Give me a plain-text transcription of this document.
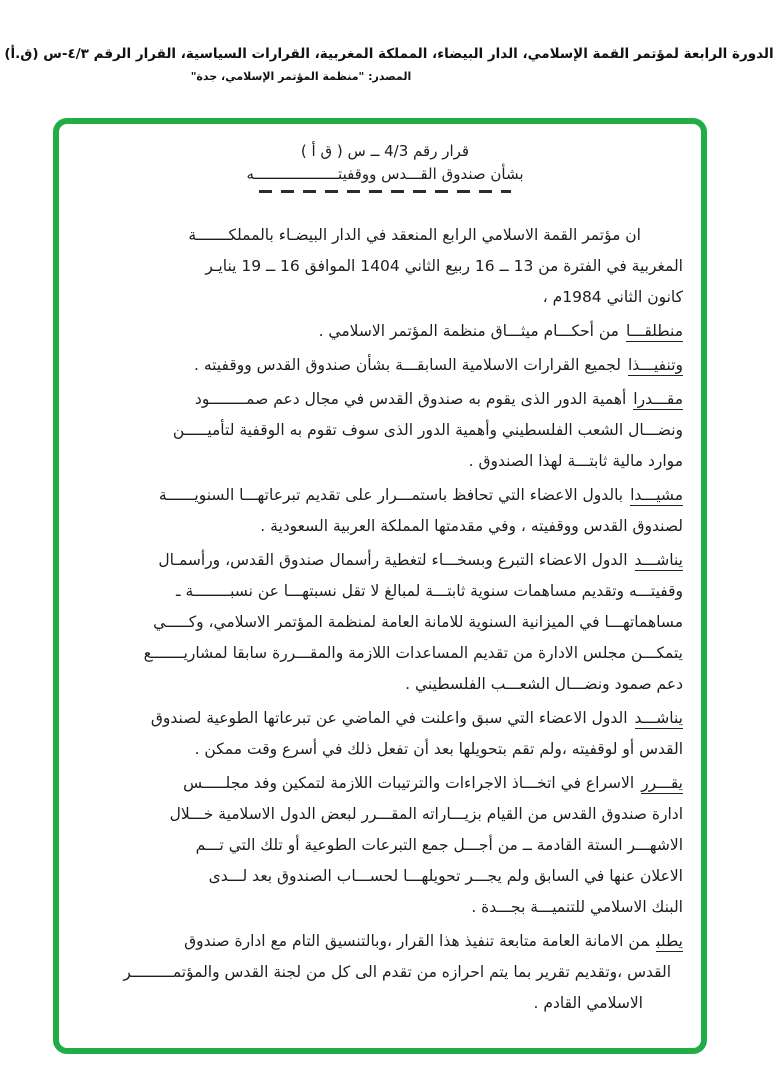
الدورة الرابعة لمؤتمر القمة الإسلامي، الدار البيضاء، المملكة المغربية، القرارات السياسية، القرار الرقم ٤/٣-س (ق.أ)
المصدر: "منظمة المؤتمر الإسلامي، جدة"
قرار رقم 4/3 ــ س ( ق أ )
بشأن صندوق القـــدس ووقفيتـــــــــــــــــــه
ان مؤتمر القمة الاسلامي الرابع المنعقد في الدار البيضـاء بالمملكـــــــة
المغربية في الفترة من 13 ــ 16 ربيع الثاني 1404 الموافق 16 ــ 19 ينايـر
كانون الثاني 1984م ،
منطلقـــامن أحكـــام ميثـــاق منظمة المؤتمر الاسلامي .
وتنفيـــذالجميع القرارات الاسلامية السابقـــة بشأن صندوق القدس ووقفيته .
مقـــدراأهمية الدور الذى يقوم به صندوق القدس في مجال دعم صمــــــــود
ونضـــال الشعب الفلسطيني وأهمية الدور الذى سوف تقوم به الوقفية لتأميـــــن
موارد مالية ثابتـــة لهذا الصندوق .
مشيـــدابالدول الاعضاء التي تحافظ باستمـــرار على تقديم تبرعاتهـــا السنويــــــة
لصندوق القدس ووقفيته ، وفي مقدمتها المملكة العربية السعودية .
يناشـــدالدول الاعضاء التبرع وبسخـــاء لتغطية رأسمال صندوق القدس، ورأسمـال
وقفيتـــه وتقديم مساهمات سنوية ثابتـــة لمبالغ لا تقل نسبتهـــا عن نسبــــــــة ـ
مساهماتهـــا في الميزانية السنوية للامانة العامة لمنظمة المؤتمر الاسلامي، وكـــــي
يتمكـــن مجلس الادارة من تقديم المساعدات اللازمة والمقـــررة سابقا لمشاريـــــــع
دعم صمود ونضـــال الشعـــب الفلسطيني .
يناشـــدالدول الاعضاء التي سبق واعلنت في الماضي عن تبرعاتها الطوعية لصندوق
القدس أو لوقفيته ،ولم تقم بتحويلها بعد أن تفعل ذلك في أسرع وقت ممكن .
يقـــررالاسراع في اتخـــاذ الاجراءات والترتيبات اللازمة لتمكين وفد مجلـــــس
ادارة صندوق القدس من القيام بزيـــاراته المقـــرر لبعض الدول الاسلامية خـــلال
الاشهـــر الستة القادمة ــ من أجـــل جمع التبرعات الطوعية أو تلك التي تـــم
الاعلان عنها في السابق ولم يجـــر تحويلهـــا لحســـاب الصندوق بعد لـــدى
البنك الاسلامي للتنميـــة بجـــدة .
يطلبمن الامانة العامة متابعة تنفيذ هذا القرار ،وبالتنسيق التام مع ادارة صندوق
القدس ،وتقديم تقرير بما يتم احرازه من تقدم الى كل من لجنة القدس والمؤتمـــــــــر
الاسلامي القادم .
